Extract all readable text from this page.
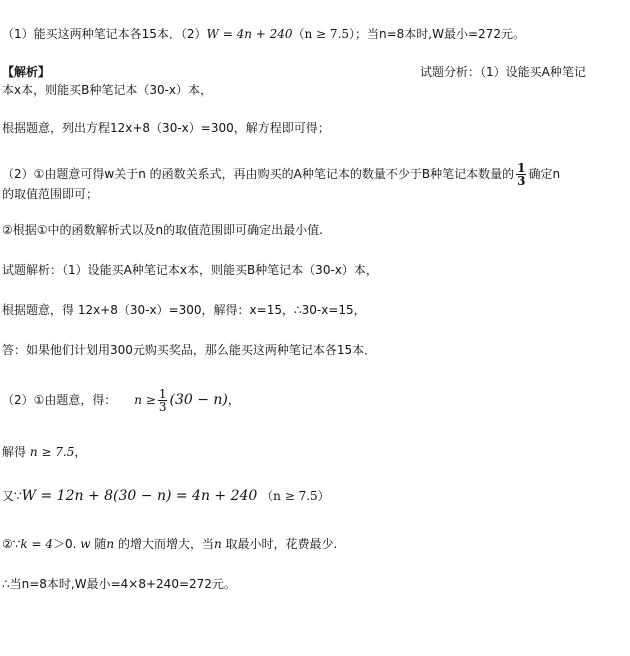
（1）能买这两种笔记本各15本．（2）W = 4n + 240（n ≥ 7.5）；当n=8本时,W最小=272元。
【解析】	试题分析：（1）设能买A种笔记
本x本，则能买B种笔记本（30-x）本，
根据题意，列出方程12x+8（30-x）=300，解方程即可得；
（2）①由题意可得w关于n 的函数关系式，再由购买的A种笔记本的数量不少于B种笔记本数量的 $\frac{1}{3}$ 确定n
的取值范围即可；
②根据①中的函数解析式以及n的取值范围即可确定出最小值.
试题解析：（1）设能买A种笔记本x本，则能买B种笔记本（30-x）本，
根据题意，得 12x+8（30-x）=300，解得：x=15，∴30-x=15，
答：如果他们计划用300元购买奖品，那么能买这两种笔记本各15本．
（2）①由题意，得： $n \ge \frac{1}{3} (30 - n)$，
解得 n ≥ 7.5，
又∵W = 12n + 8(30 − n) = 4n + 240 （n ≥ 7.5）
②∵k = 4＞0. w 随n 的增大而增大，当n 取最小时，花费最少.
∴当n=8本时,W最小=4×8+240=272元。
